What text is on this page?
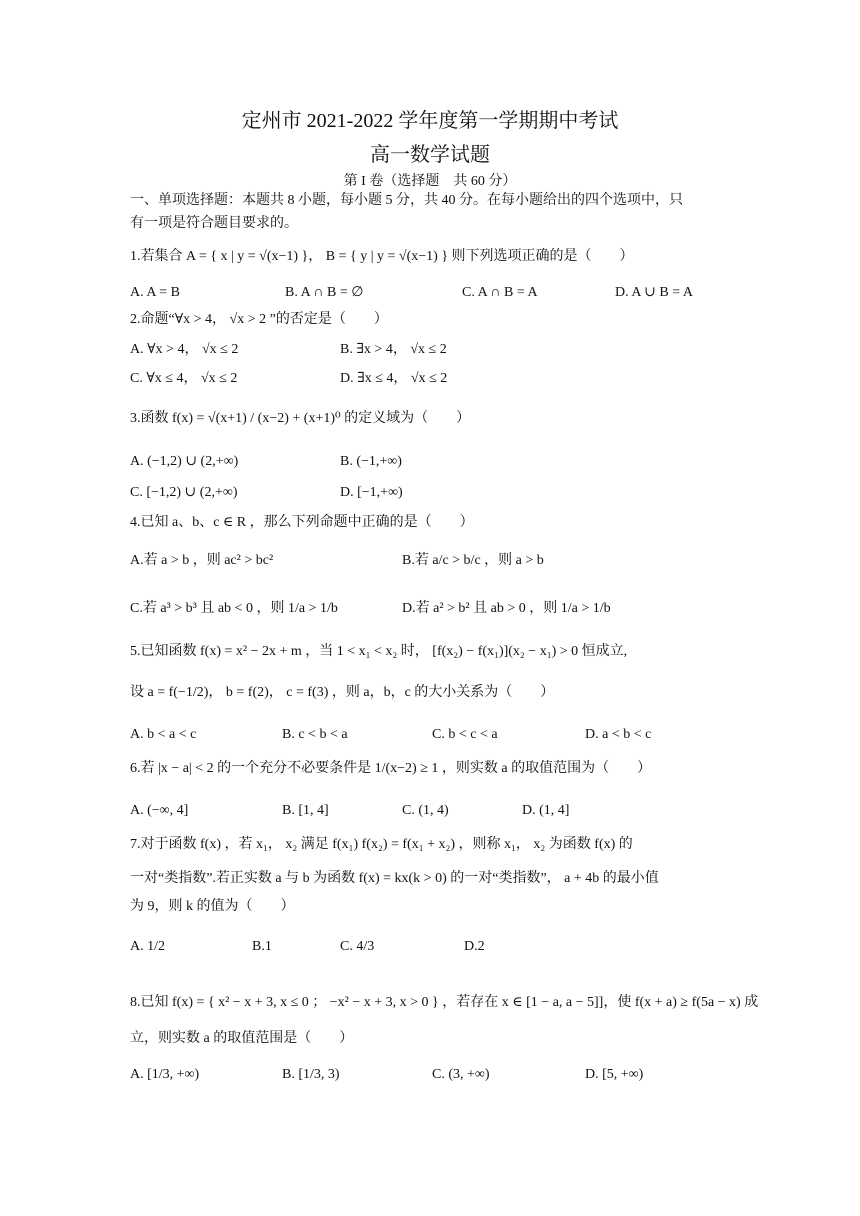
定州市 2021-2022 学年度第一学期期中考试
高一数学试题
第 I 卷（选择题　共 60 分）
一、单项选择题：本题共 8 小题，每小题 5 分，共 40 分。在每小题给出的四个选项中，只
有一项是符合题目要求的。
1.若集合 A = { x | y = √(x−1) }， B = { y | y = √(x−1) } 则下列选项正确的是（　　）
A. A = B	B. A ∩ B = ∅	C. A ∩ B = A	D. A ∪ B = A
2.命题“∀x > 4， √x > 2 ”的否定是（　　）
A. ∀x > 4， √x ≤ 2	B. ∃x > 4， √x ≤ 2
C. ∀x ≤ 4， √x ≤ 2	D. ∃x ≤ 4， √x ≤ 2
3.函数 f(x) = √(x+1) / (x−2) + (x+1)⁰ 的定义域为（　　）
A. (−1,2) ∪ (2,+∞)	B. (−1,+∞)
C. [−1,2) ∪ (2,+∞)	D. [−1,+∞)
4.已知 a、b、c ∈ R ，那么下列命题中正确的是（　　）
A.若 a > b ，则 ac² > bc²	B.若 a/c > b/c ，则 a > b
C.若 a³ > b³ 且 ab < 0 ，则 1/a > 1/b	D.若 a² > b² 且 ab > 0 ，则 1/a > 1/b
5.已知函数 f(x) = x² − 2x + m ，当 1 < x₁ < x₂ 时， [f(x₂) − f(x₁)](x₂ − x₁) > 0 恒成立,
设 a = f(−1/2)， b = f(2)， c = f(3) ，则 a，b，c 的大小关系为（　　）
A. b < a < c	B. c < b < a	C. b < c < a	D. a < b < c
6.若 |x − a| < 2 的一个充分不必要条件是 1/(x−2) ≥ 1 ，则实数 a 的取值范围为（　　）
A. (−∞, 4]	B. [1, 4]	C. (1, 4)	D. (1, 4]
7.对于函数 f(x) ，若 x₁， x₂ 满足 f(x₁) f(x₂) = f(x₁ + x₂) ，则称 x₁， x₂ 为函数 f(x) 的
一对“类指数”.若正实数 a 与 b 为函数 f(x) = kx(k > 0) 的一对“类指数”， a + 4b 的最小值
为 9，则 k 的值为（　　）
A. 1/2	B.1	C. 4/3	D.2
8.已知 f(x) = { x² − x + 3, x ≤ 0 ； −x² − x + 3, x > 0 } ，若存在 x ∈ [1 − a, a − 5]]，使 f(x + a) ≥ f(5a − x) 成
立，则实数 a 的取值范围是（　　）
A. [1/3, +∞)	B. [1/3, 3)	C. (3, +∞)	D. [5, +∞)
